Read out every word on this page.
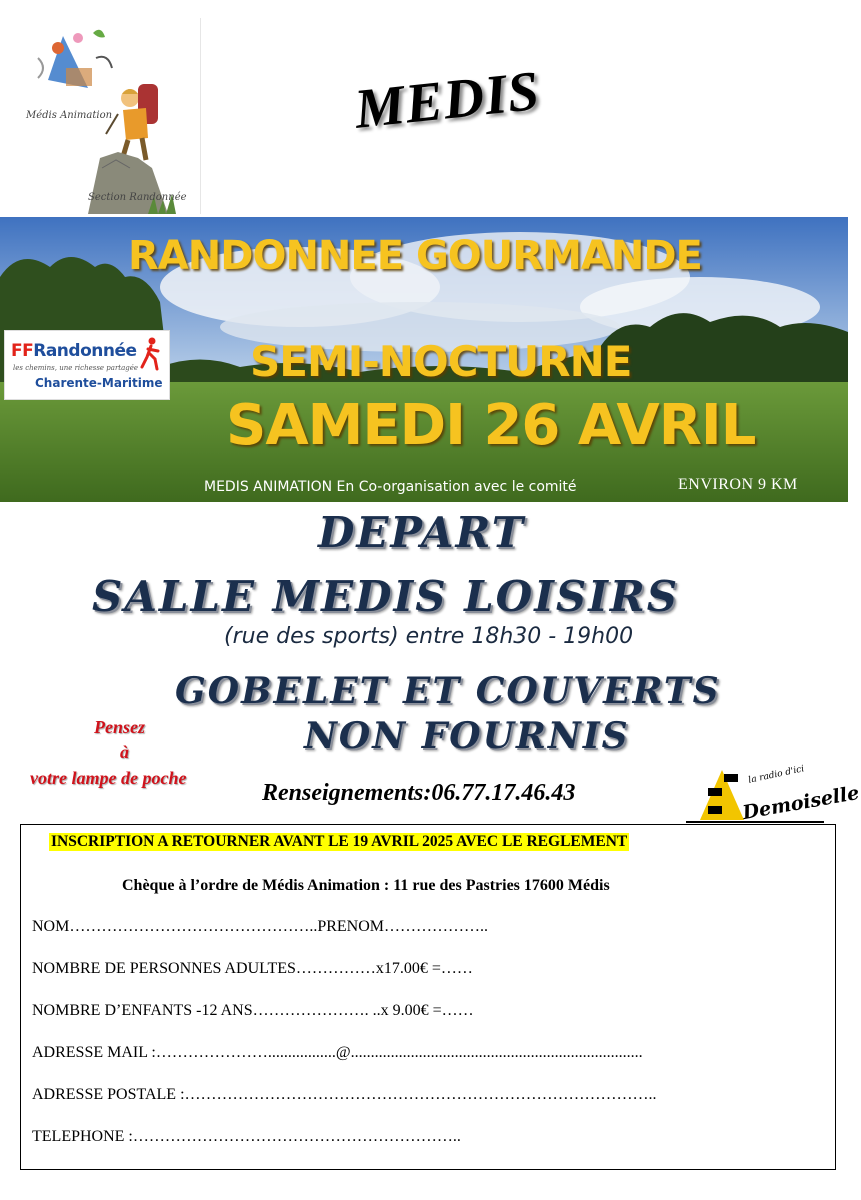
Médis Animation
Section Randonnée
MEDIS
RANDONNEE GOURMANDE
SEMI-NOCTURNE
SAMEDI 26 AVRIL
MEDIS ANIMATION En Co-organisation avec le comité	ENVIRON 9 KM
FFRandonnée
les chemins, une richesse partagée
Charente-Maritime
DEPART
SALLE MEDIS LOISIRS
(rue des sports) entre 18h30 - 19h00
GOBELET ET COUVERTS
NON FOURNIS
Pensez
à
votre lampe de poche
Renseignements:06.77.17.46.43
la radio d'ici
Demoiselle
INSCRIPTION A RETOURNER AVANT LE 19 AVRIL 2025 AVEC LE REGLEMENT
Chèque à l’ordre de Médis Animation : 11 rue des Pastries 17600 Médis
NOM………………………………………..PRENOM………………..
NOMBRE DE PERSONNES ADULTES……………x17.00€ =……
NOMBRE D’ENFANTS -12 ANS…………………. ..x 9.00€ =……
ADRESSE MAIL :………………….................@.........................................................................
ADRESSE POSTALE :……………………………………………………………………………..
TELEPHONE :……………………………………………………..
